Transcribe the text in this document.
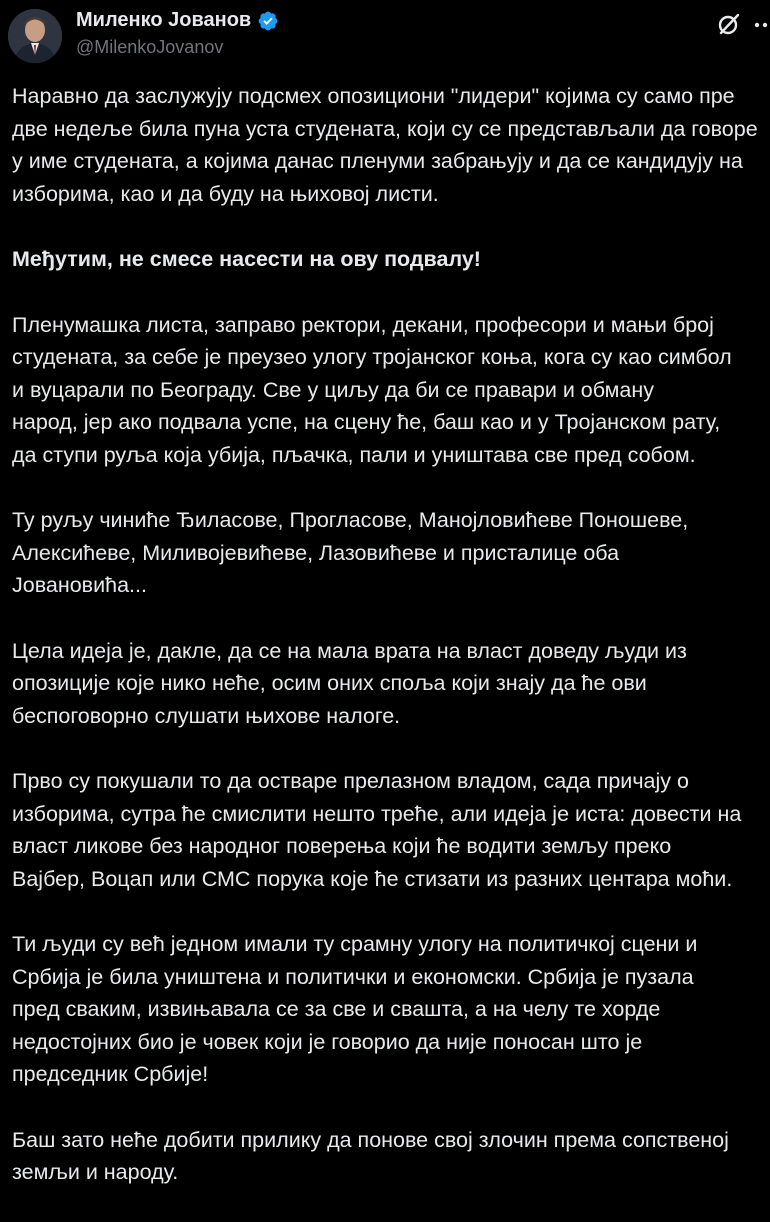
Миленко Јованов
@MilenkoJovanov
Наравно да заслужују подсмех опозициони "лидери" којима су само пре
две недеље била пуна уста студената, који су се представљали да говоре
у име студената, а којима данас пленуми забрањују и да се кандидују на
изборима, као и да буду на њиховој листи.
Међутим, не смесе насести на ову подвалу!
Пленумашка листа, заправо ректори, декани, професори и мањи број
студената, за себе је преузео улогу тројанског коња, кога су као симбол
и вуцарали по Београду. Све у циљу да би се правари и обману
народ, јер ако подвала успе, на сцену ће, баш као и у Тројанском рату,
да ступи руља која убија, пљачка, пали и уништава све пред собом.
Ту руљу чиниће Ђиласове, Прогласове, Манојловићеве Поношеве,
Алексићеве, Миливојевићеве, Лазовићеве и присталице оба
Јовановића...
Цела идеја је, дакле, да се на мала врата на власт доведу људи из
опозиције које нико неће, осим оних споља који знају да ће ови
беспоговорно слушати њихове налоге.
Прво су покушали то да остваре прелазном владом, сада причају о
изборима, сутра ће смислити нешто треће, али идеја је иста: довести на
власт ликове без народног поверења који ће водити земљу преко
Вајбер, Воцап или СМС порука које ће стизати из разних центара моћи.
Ти људи су већ једном имали ту срамну улогу на политичкој сцени и
Србија је била уништена и политички и економски. Србија је пузала
пред сваким, извињавала се за све и свашта, а на челу те хорде
недостојних био је човек који је говорио да није поносан што је
председник Србије!
Баш зато неће добити прилику да понове свој злочин према сопственој
земљи и народу.
